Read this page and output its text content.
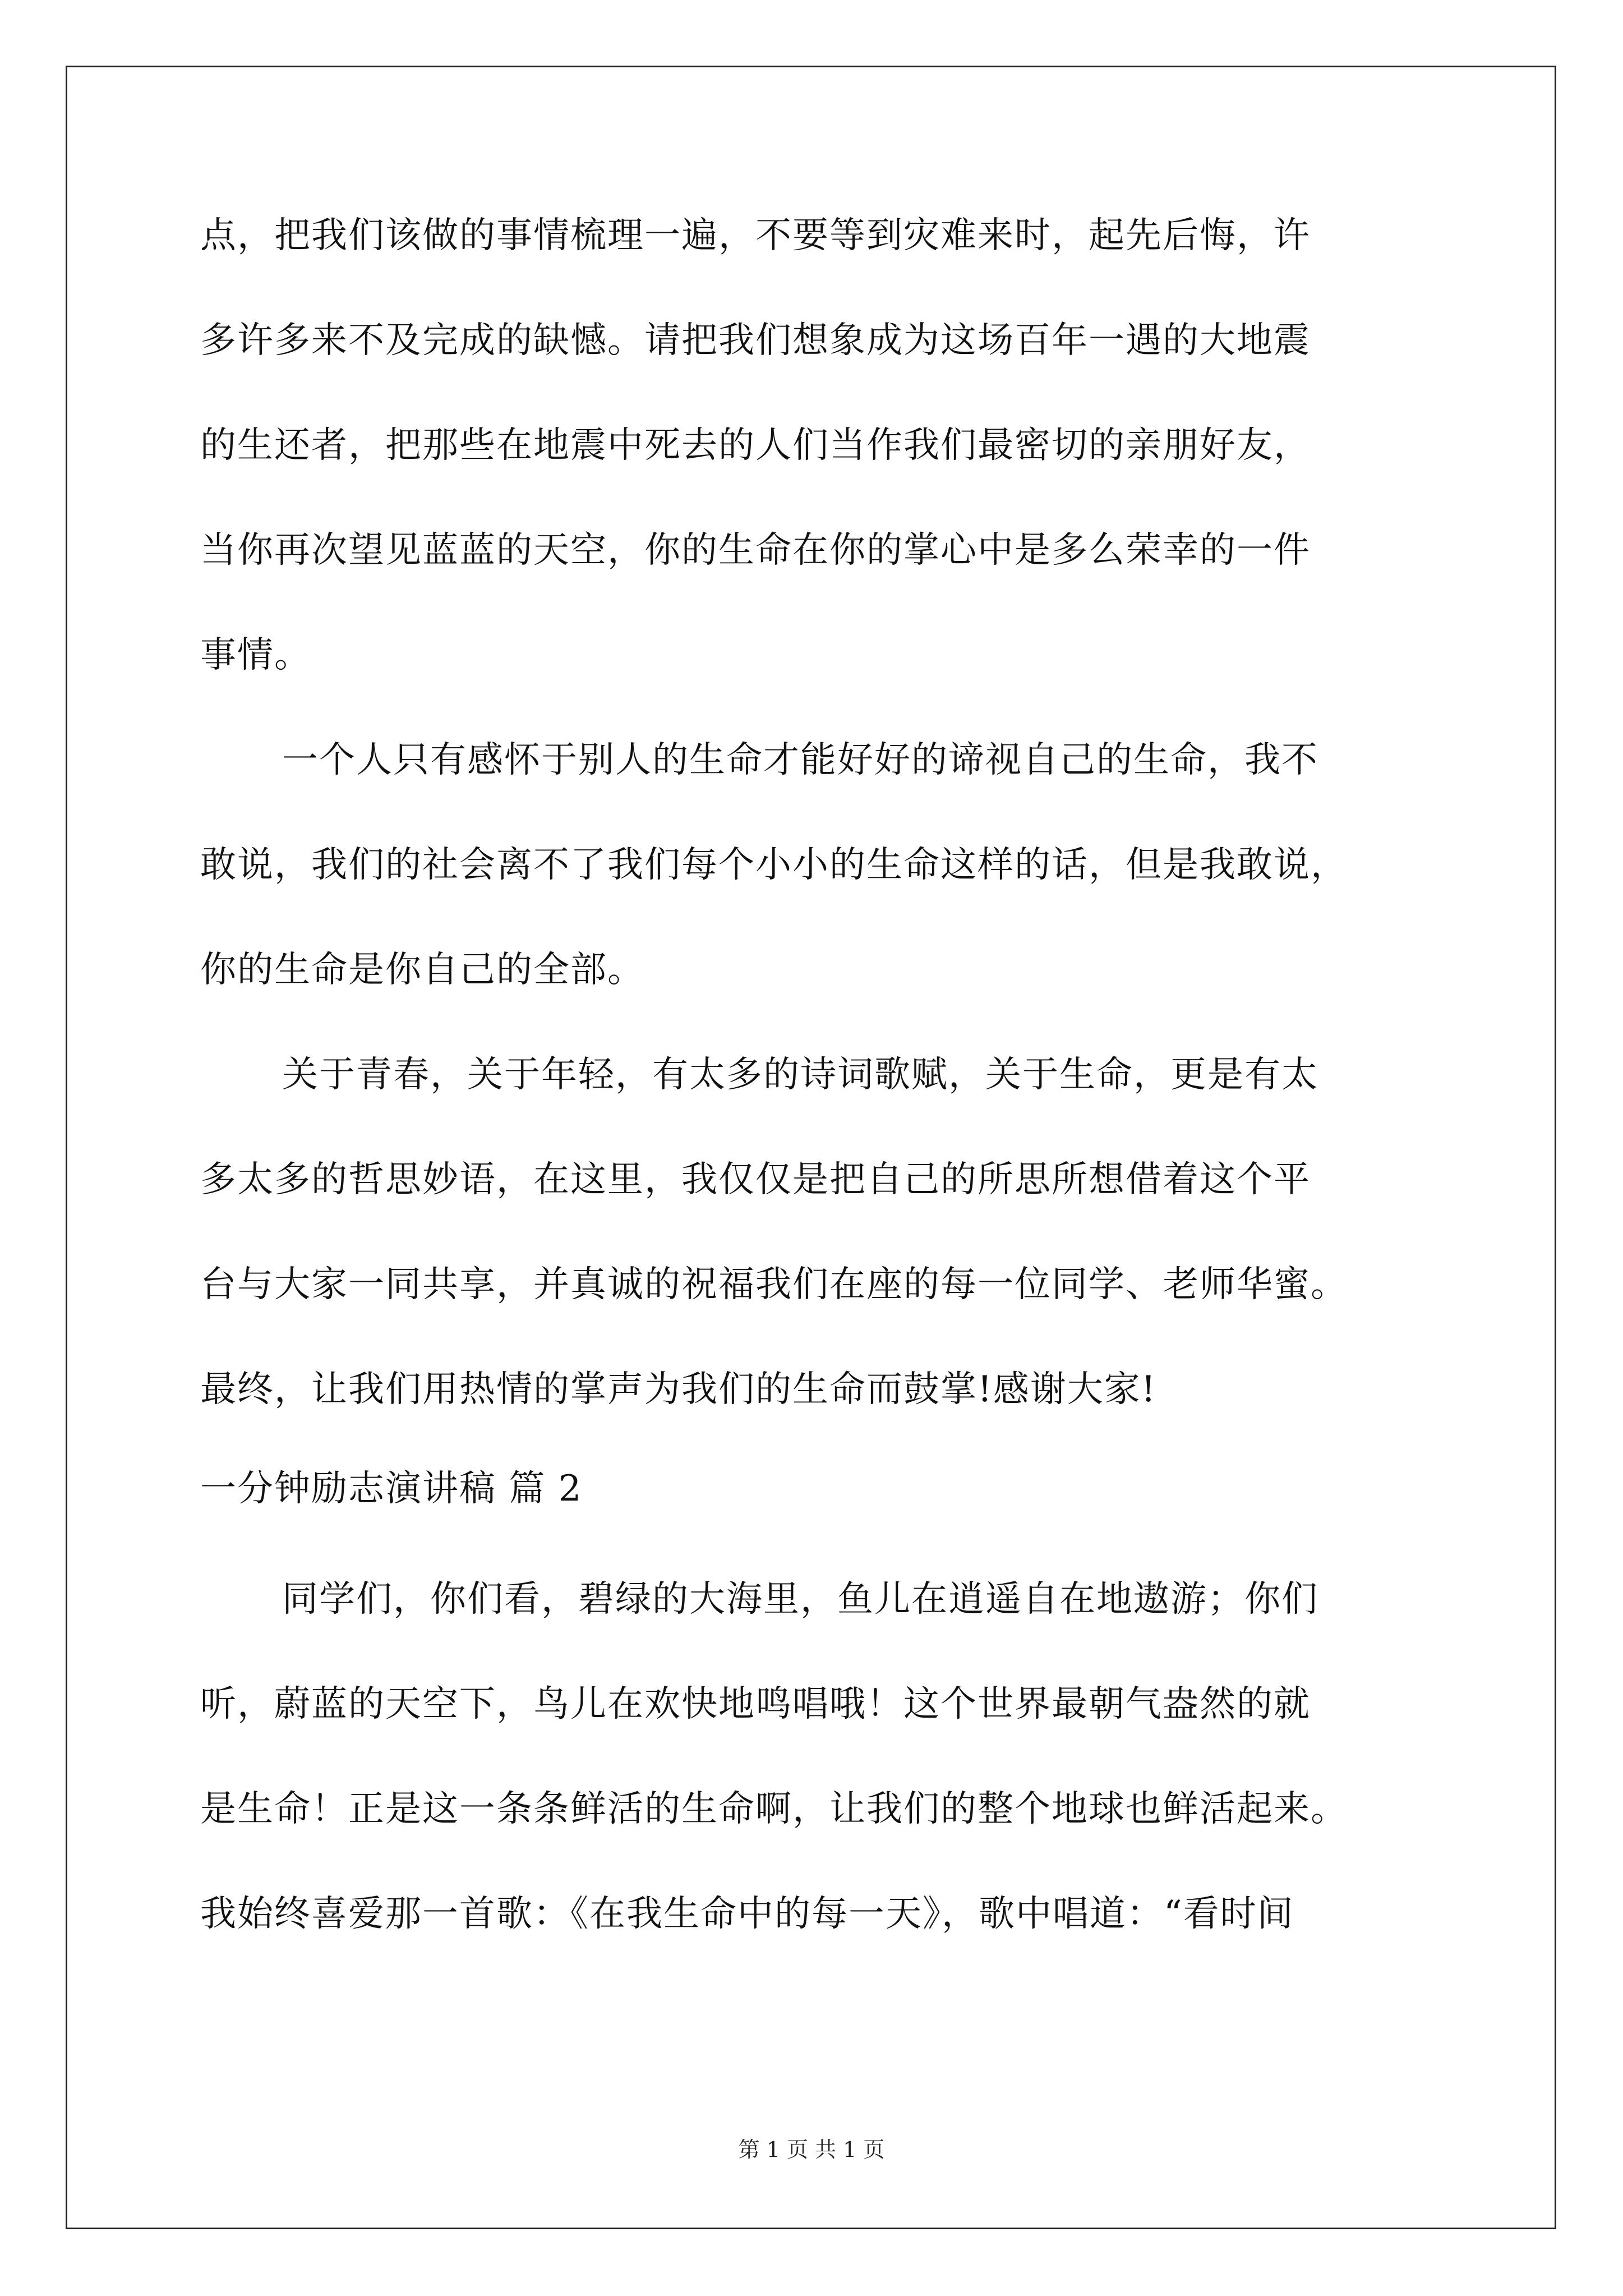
点，把我们该做的事情梳理一遍，不要等到灾难来时，起先后悔，许
多许多来不及完成的缺憾。请把我们想象成为这场百年一遇的大地震
的生还者，把那些在地震中死去的人们当作我们最密切的亲朋好友，
当你再次望见蓝蓝的天空，你的生命在你的掌心中是多么荣幸的一件
事情。
一个人只有感怀于别人的生命才能好好的谛视自己的生命，我不
敢说，我们的社会离不了我们每个小小的生命这样的话，但是我敢说，
你的生命是你自己的全部。
关于青春，关于年轻，有太多的诗词歌赋，关于生命，更是有太
多太多的哲思妙语，在这里，我仅仅是把自己的所思所想借着这个平
台与大家一同共享，并真诚的祝福我们在座的每一位同学、老师华蜜。
最终，让我们用热情的掌声为我们的生命而鼓掌!感谢大家!
一分钟励志演讲稿 篇 2
同学们，你们看，碧绿的大海里，鱼儿在逍遥自在地遨游；你们
听，蔚蓝的天空下，鸟儿在欢快地鸣唱哦！这个世界最朝气盎然的就
是生命！正是这一条条鲜活的生命啊，让我们的整个地球也鲜活起来。
我始终喜爱那一首歌：《在我生命中的每一天》，歌中唱道：“看时间
第 1 页 共 1 页
